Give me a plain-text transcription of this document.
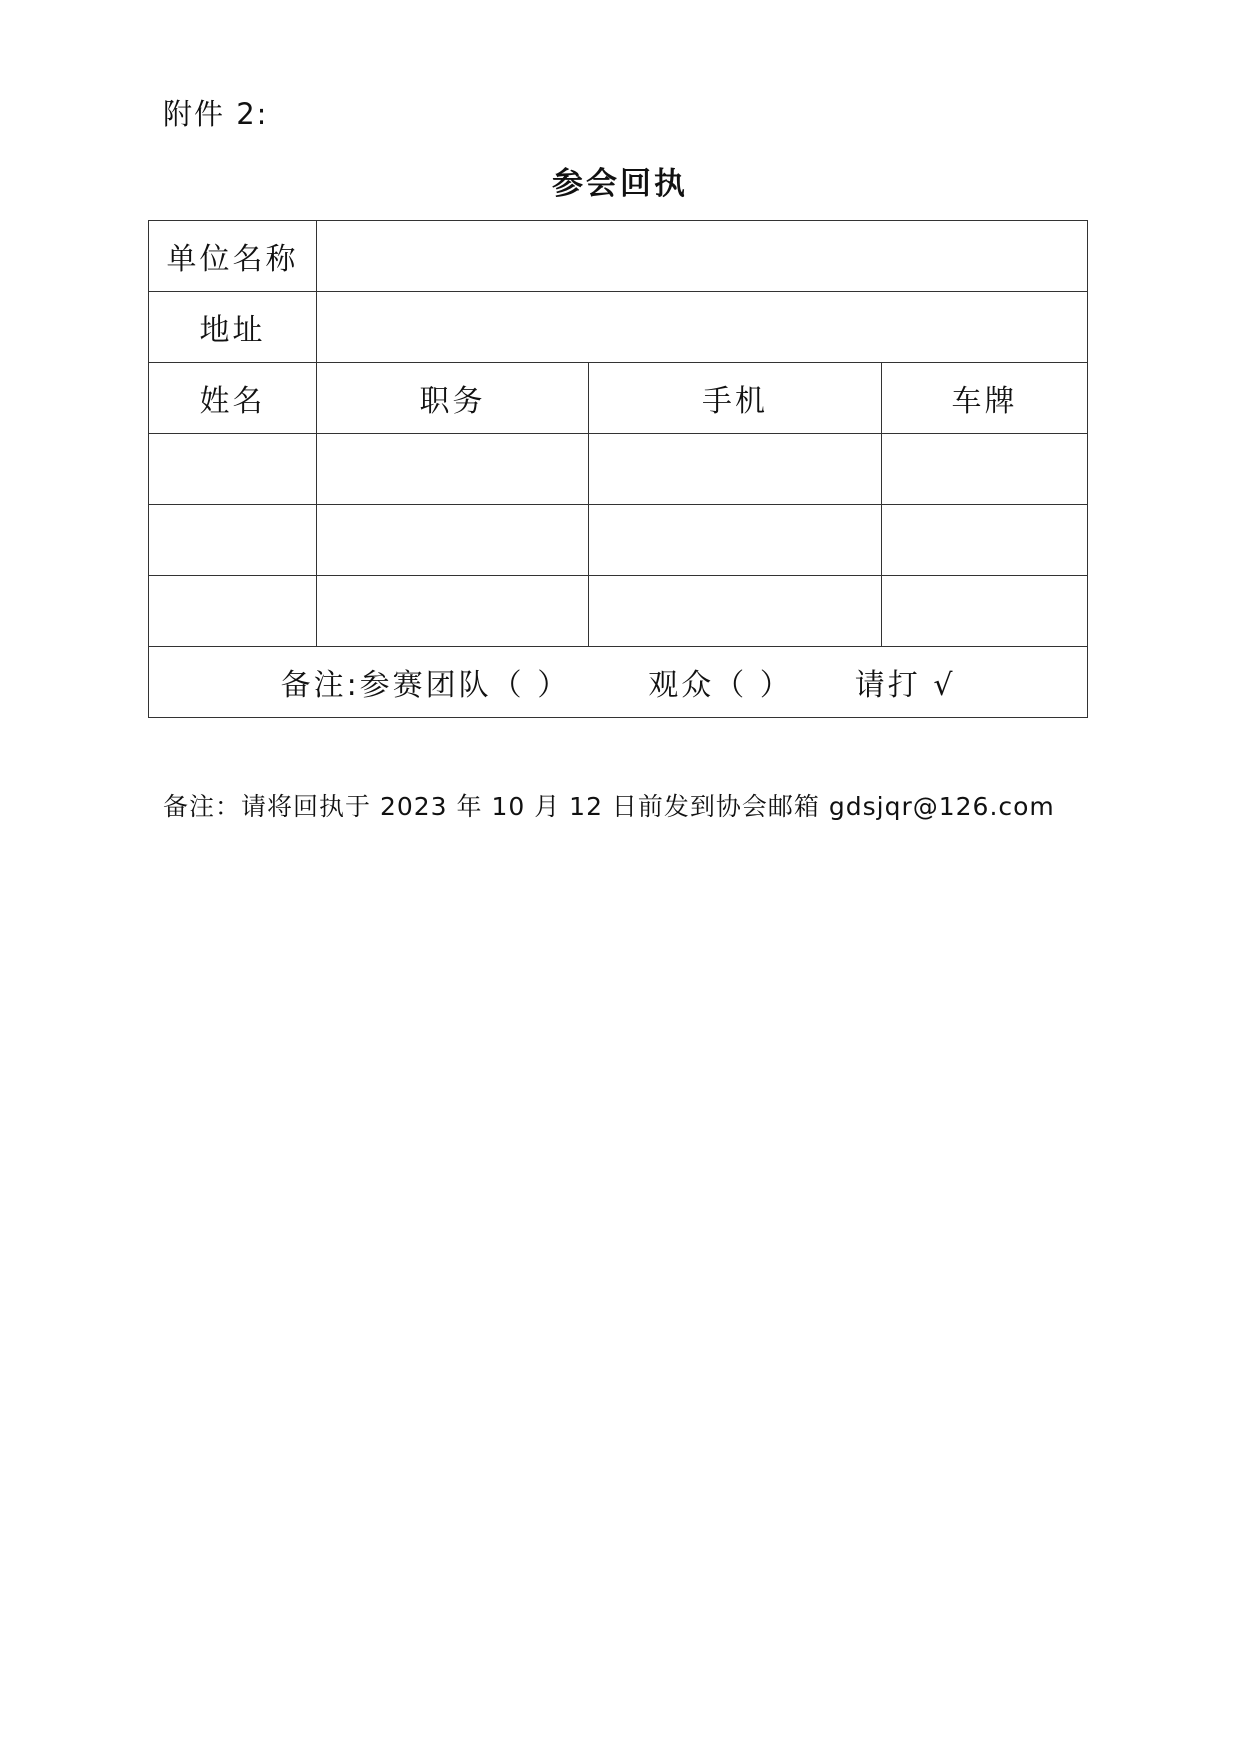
附件 2:
参会回执
单位名称			
地址			
姓名	职务	手机	车牌

备注:参赛团队（ ） 观众（ ） 请打 √			
备注：请将回执于 2023 年 10 月 12 日前发到协会邮箱 gdsjqr@126.com
